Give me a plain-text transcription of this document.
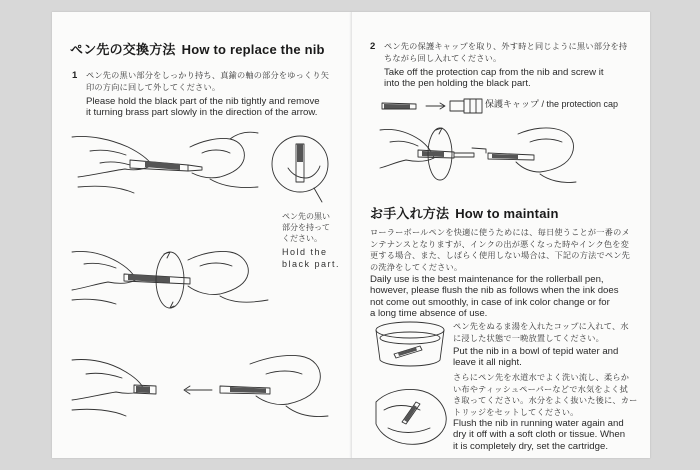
ペン先の交換方法 How to replace the nib
1 ペン先の黒い部分をしっかり持ち、真鍮の軸の部分をゆっくり矢
印の方向に回して外してください。
Please hold the black part of the nib tightly and remove
it turning brass part slowly in the direction of the arrow.
ペン先の黒い
部分を持って
ください。
Hold the
black part.
2 ペン先の保護キャップを取り、外す時と同じように黒い部分を持
ちながら回し入れてください。
Take off the protection cap from the nib and screw it
into the pen holding the black part.
保護キャップ / the protection cap
お手入れ方法 How to maintain
ローラーボールペンを快適に使うためには、毎日使うことが一番のメ
ンテナンスとなりますが、インクの出が悪くなった時やインク色を変
更する場合、また、しばらく使用しない場合は、下記の方法でペン先
の洗浄をしてください。
Daily use is the best maintenance for the rollerball pen,
however, please flush the nib as follows when the ink does
not come out smoothly, in case of ink color change or for
a long time absence of use.
ペン先をぬるま湯を入れたコップに入れて、水
に浸した状態で一晩放置してください。
Put the nib in a bowl of tepid water and
leave it all night.
さらにペン先を水道水でよく洗い流し、柔らか
い布やティッシュペーパーなどで水気をよく拭
き取ってください。水分をよく抜いた後に、カー
トリッジをセットしてください。
Flush the nib in running water again and
dry it off with a soft cloth or tissue. When
it is completely dry, set the cartridge.
